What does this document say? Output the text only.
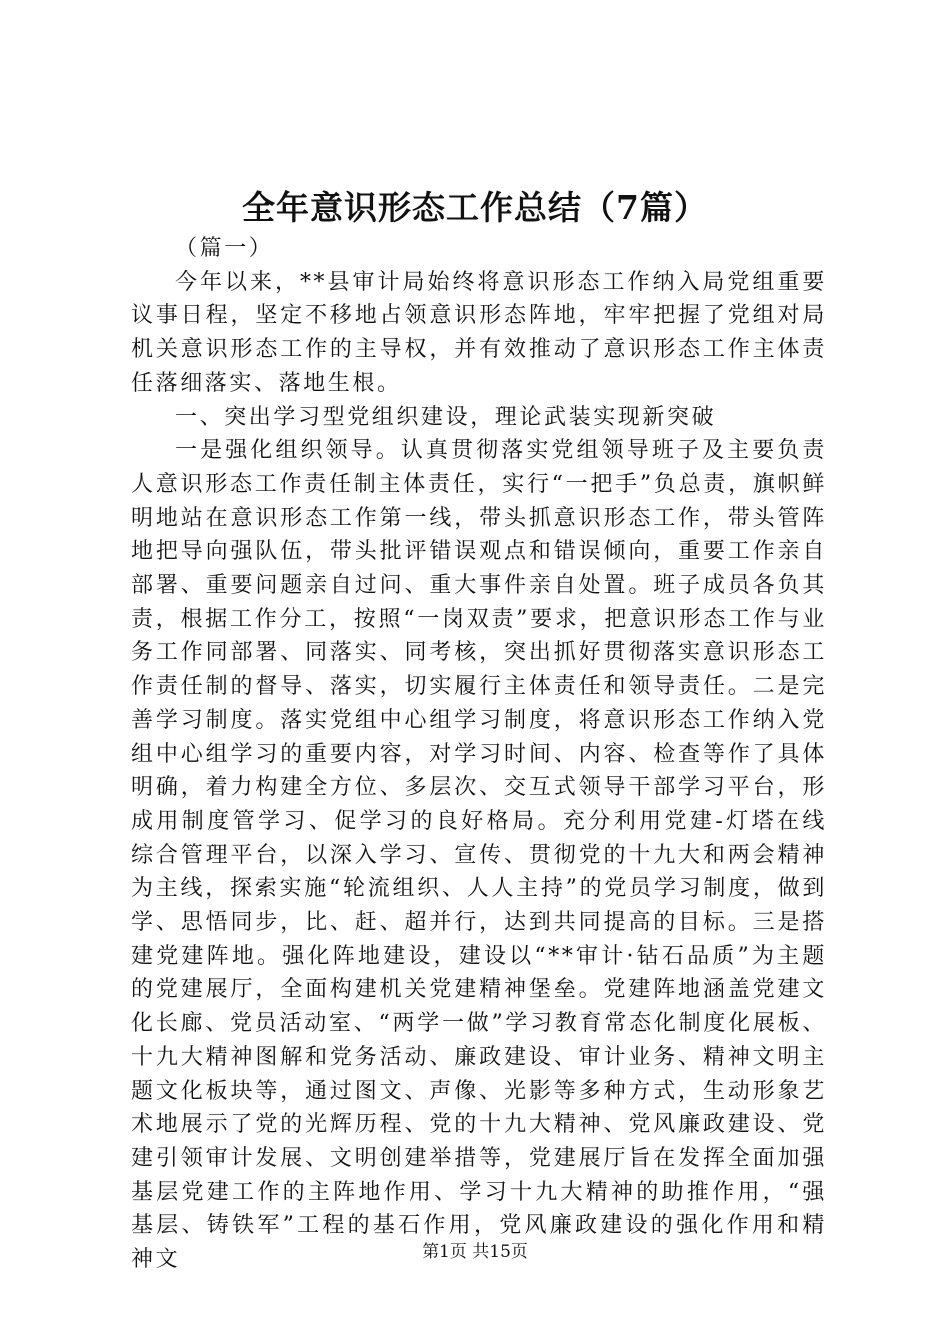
全年意识形态工作总结（7篇）

（篇一）

今年以来，**县审计局始终将意识形态工作纳入局党组重要议事日程，坚定不移地占领意识形态阵地，牢牢把握了党组对局机关意识形态工作的主导权，并有效推动了意识形态工作主体责任落细落实、落地生根。

一、突出学习型党组织建设，理论武装实现新突破

一是强化组织领导。认真贯彻落实党组领导班子及主要负责人意识形态工作责任制主体责任，实行“一把手”负总责，旗帜鲜明地站在意识形态工作第一线，带头抓意识形态工作，带头管阵地把导向强队伍，带头批评错误观点和错误倾向，重要工作亲自部署、重要问题亲自过问、重大事件亲自处置。班子成员各负其责，根据工作分工，按照“一岗双责”要求，把意识形态工作与业务工作同部署、同落实、同考核，突出抓好贯彻落实意识形态工作责任制的督导、落实，切实履行主体责任和领导责任。二是完善学习制度。落实党组中心组学习制度，将意识形态工作纳入党组中心组学习的重要内容，对学习时间、内容、检查等作了具体明确，着力构建全方位、多层次、交互式领导干部学习平台，形成用制度管学习、促学习的良好格局。充分利用党建-灯塔在线综合管理平台，以深入学习、宣传、贯彻党的十九大和两会精神为主线，探索实施“轮流组织、人人主持”的党员学习制度，做到学、思悟同步，比、赶、超并行，达到共同提高的目标。三是搭建党建阵地。强化阵地建设，建设以“**审计·钻石品质”为主题的党建展厅，全面构建机关党建精神堡垒。党建阵地涵盖党建文化长廊、党员活动室、“两学一做”学习教育常态化制度化展板、十九大精神图解和党务活动、廉政建设、审计业务、精神文明主题文化板块等，通过图文、声像、光影等多种方式，生动形象艺术地展示了党的光辉历程、党的十九大精神、党风廉政建设、党建引领审计发展、文明创建举措等，党建展厅旨在发挥全面加强基层党建工作的主阵地作用、学习十九大精神的助推作用，“强基层、铸铁军”工程的基石作用，党风廉政建设的强化作用和精神文	第1页 共15页
